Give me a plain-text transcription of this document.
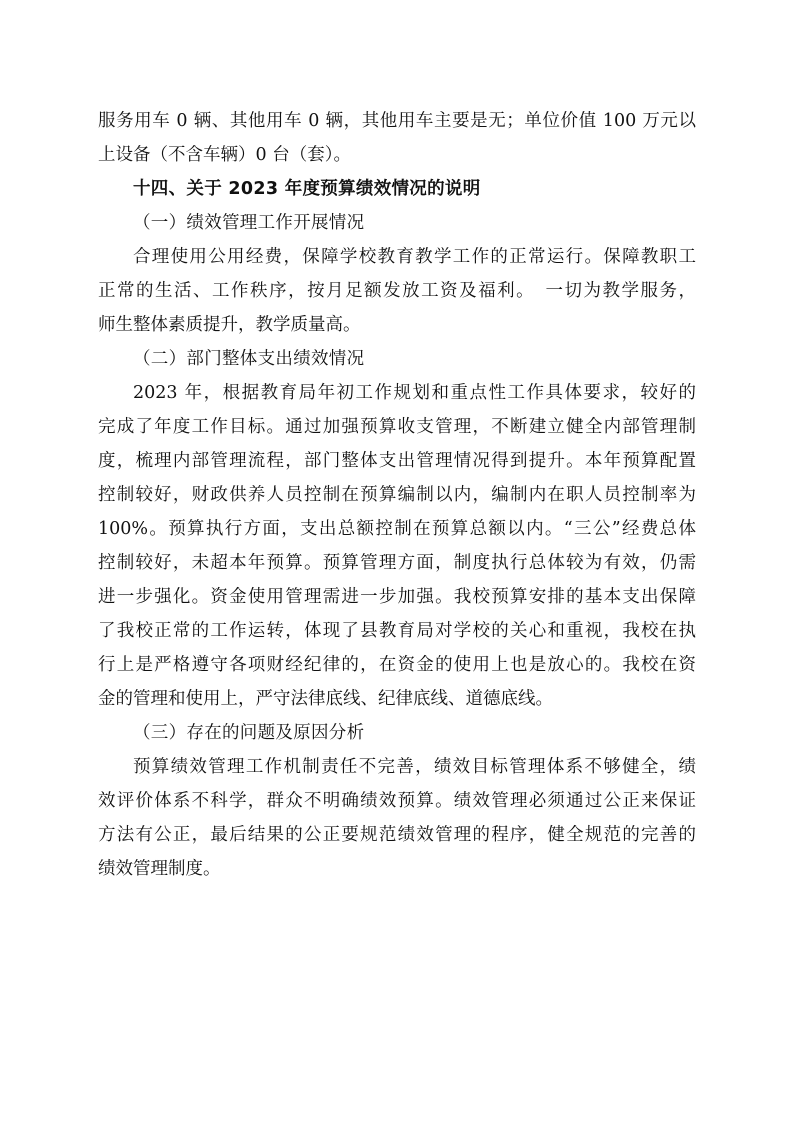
服务用车 0 辆、其他用车 0 辆，其他用车主要是无；单位价值 100 万元以
上设备（不含车辆）0 台（套）。
十四、关于 2023 年度预算绩效情况的说明
（一）绩效管理工作开展情况
合理使用公用经费，保障学校教育教学工作的正常运行。保障教职工
正常的生活、工作秩序，按月足额发放工资及福利。　一切为教学服务，
师生整体素质提升，教学质量高。
（二）部门整体支出绩效情况
2023 年，根据教育局年初工作规划和重点性工作具体要求，较好的
完成了年度工作目标。通过加强预算收支管理，不断建立健全内部管理制
度，梳理内部管理流程，部门整体支出管理情况得到提升。本年预算配置
控制较好，财政供养人员控制在预算编制以内，编制内在职人员控制率为
100%。预算执行方面，支出总额控制在预算总额以内。“三公”经费总体
控制较好，未超本年预算。预算管理方面，制度执行总体较为有效，仍需
进一步强化。资金使用管理需进一步加强。我校预算安排的基本支出保障
了我校正常的工作运转，体现了县教育局对学校的关心和重视，我校在执
行上是严格遵守各项财经纪律的，在资金的使用上也是放心的。我校在资
金的管理和使用上，严守法律底线、纪律底线、道德底线。
（三）存在的问题及原因分析
预算绩效管理工作机制责任不完善，绩效目标管理体系不够健全，绩
效评价体系不科学，群众不明确绩效预算。绩效管理必须通过公正来保证
方法有公正，最后结果的公正要规范绩效管理的程序，健全规范的完善的
绩效管理制度。
